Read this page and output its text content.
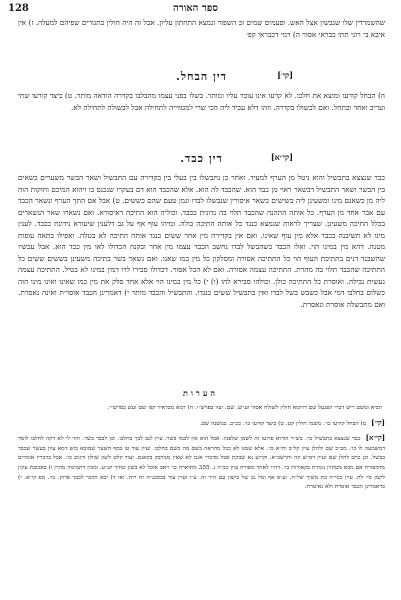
128	ספר האורה

שהשמרדין שלו שנבשין אצל האש. ופעמים שמים זב השפור ונמצא התחתון עליון. אבל זה היה חולין בתגורים שפיהם למעלה. ז) אין איבא בי רוני תתי כבראי אסור ה) רמי דכבראי קפ׳

[קי׳]
דין הבחל.

ה) הבחל קורעו ומוצא את חלבו. לא קרעו אינו עובר עליו ומותר. בשלו בפני עצמו מהבלבו בקדרה הודאה מותר. ט) כיצד קורעו שתי ועריב ואחד ובתחל. ואם לכשולו בקדרה. וזהו דלא עביד ליה הכי שרי למטווייה לתחילה אבל לבשולה לתחילה לא.

[קי״א]
דין כבד.

כבד שנצצא בתבשיל והוא ניטל מן הערף למעיד. ואחר כן נתבשלו בין בעלי בין בקדירה עם התבשיל ושאר הבשר משערים כשאים בין הבשר ושאר התבשיל דבשאר ראוי מן כבד הוא. שהכבד לה הוא. אלא שהכבד הוא דם בעקרו שנכנס בו ויהוא המיכם וחוקות הוה ליה מן כשאנם מינו ומשעינן ליה בשישים כשאר איסורין שנבשלו לבדו ונמן טעם שהם כששים. ט) אבל אם התך הערף ונשאר הכבד עם אבר אחד מן הערף. כל אותה התהנה שהכבד תלוי בה נדונית ככבד. וכוליה הוא התיכה דאיסורא. ואם נשארו שאר הנשארים בכלל התיכה משעינן. שצריך לראות שנמצא כנגד כל אותה התיכה כולה. ומיהו עוף אף על גב דלענין שיעורא נידונת ככבד. לענין מינו לא תשיבנה ככבד אלא מין עוף שאינו. ואם אין בקדירה מין אחר ששים כנגד אותה התיכה לא בטלה. ואפילו בתאה עופות מטנה. דהא מין במינו הוי. ואלו הכבד כשהבשל לבדו נחשב הכבד עצמו מין אחר ובקנה הכדולו לאו מין כבד הוא. אבל עכשיו שהשבנד דנים בתתיכת העוף הוי כל התתיכה אסורה ומסלקון כל מין כמו שאנו. ואם נשאר בשר בתיכה משעינן בששים ששים כל התתיכה שהכבד תלוי בה מהרת. התתיכה עצמה אסורה. ואם לא הכל אסור. דכדולו סבירו לדו דמין במינו לא בטיל. התתיכה עצמה נעשית נבילה. ואוסרת כל התתיכה כולן. וכולהו סבירא להו (ו) י) כל מין במינו הוי אלא אחד סלק את מין כמו שאינו ואינו מינו הוה כשלום בחלבו דמי אבל כשבש בשל לבדו ואין בתבשיל ששים כנגדו. והתבשיל והכבד מותר י) דאמרינן הכבד אוסר׳ת ואינה נאסרת. ואם מתבשלה אוסרת ונאסרת.

הערות

הביא ומשם ריש דברי הפנעל שם דרומא חולין לשולח אסור וע״ש. שם. ועיו בפרש״י. ח) דמא מבראיר קפ׳ שם ועש בפרש״י.

[קי׳] ט) הבחל קורעו כו׳. משנה חולין קט. ט) ביצד קורעו כו׳. ככ״ב. במשנה שם.

[קי״א] כבד שנצצא בתבשיל כו׳. בש״ר הורוא פרועו זה לשמן שלפניו. אבל הוא אין לכמו בשר. עיין לנב לבך בחלבו. וכן לבבד בשר. והוי לי לא דקה לחלבו לומד דמשמעה לו כו׳. מב״כ שם ולהלן עיין קל״ב ות״א כו׳. אלא שמנו לא ככל מהראה בשם מה כשם בחלבו. ועיין עוד טו בסף השער שמובא כוש דמא עיון בעשר שכבד בבשל. וכן כתב להלן שם ועיין דס״ש קה והרשב״א. וקרוע נא שבקת אבל מדברי אגמ לא שאין ממרבק בקאנס. ועוד קלט לשון שולון ורגים כו׳. אבל בדבריו אומרים מדמפורח אם מבא מטתוין נומרת בקאורות כו׳. דהיי לאחר מפורח עיין כב״ה ג. 355 מתוארה כו׳ ויאב אוכל לא בשון טתיך קנ״ע. ומכין דתמימה מהרן ז) באכובת עינין לקמן סי׳ לח. עיין כסי״ה כת משיך של״ח. וע״פ אף ומל גב של בישון עם היר זה. ע״ו ועיין עוד בבסכנ״ח זח רוח. ואי ד) יבא הדבר לכבד פרוק. כו׳. מפ קי״א. י) כדאמרינן הכבד אוסרת ולא גאיטרת.
